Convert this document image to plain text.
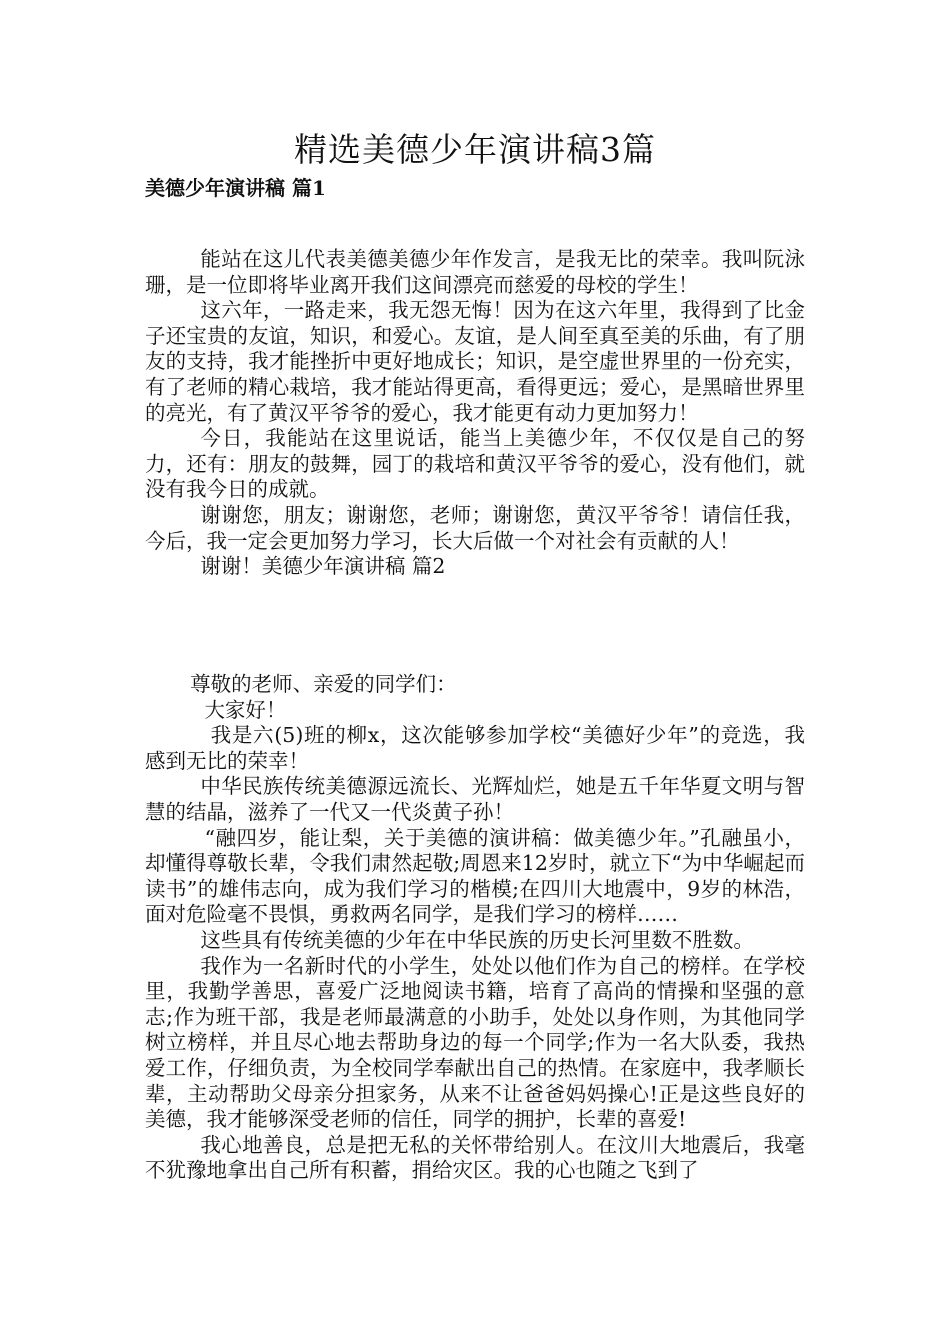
精选美德少年演讲稿3篇
美德少年演讲稿 篇1

能站在这儿代表美德美德少年作发言，是我无比的荣幸。我叫阮泳珊，是一位即将毕业离开我们这间漂亮而慈爱的母校的学生！

这六年，一路走来，我无怨无悔！因为在这六年里，我得到了比金子还宝贵的友谊，知识，和爱心。友谊，是人间至真至美的乐曲，有了朋友的支持，我才能挫折中更好地成长；知识，是空虚世界里的一份充实，有了老师的精心栽培，我才能站得更高，看得更远；爱心，是黑暗世界里的亮光，有了黄汉平爷爷的爱心，我才能更有动力更加努力！

今日，我能站在这里说话，能当上美德少年，不仅仅是自己的努力，还有：朋友的鼓舞，园丁的栽培和黄汉平爷爷的爱心，没有他们，就没有我今日的成就。

谢谢您，朋友；谢谢您，老师；谢谢您，黄汉平爷爷！请信任我，今后，我一定会更加努力学习，长大后做一个对社会有贡献的人！

谢谢！美德少年演讲稿 篇2

尊敬的老师、亲爱的同学们：

大家好！

我是六(5)班的柳x，这次能够参加学校“美德好少年”的竞选，我感到无比的荣幸！

中华民族传统美德源远流长、光辉灿烂，她是五千年华夏文明与智慧的结晶，滋养了一代又一代炎黄子孙！

“融四岁，能让梨，关于美德的演讲稿：做美德少年。”孔融虽小，却懂得尊敬长辈，令我们肃然起敬;周恩来12岁时，就立下“为中华崛起而读书”的雄伟志向，成为我们学习的楷模;在四川大地震中，9岁的林浩，面对危险毫不畏惧，勇救两名同学，是我们学习的榜样……

这些具有传统美德的少年在中华民族的历史长河里数不胜数。

我作为一名新时代的小学生，处处以他们作为自己的榜样。在学校里，我勤学善思，喜爱广泛地阅读书籍，培育了高尚的情操和坚强的意志;作为班干部，我是老师最满意的小助手，处处以身作则，为其他同学树立榜样，并且尽心地去帮助身边的每一个同学;作为一名大队委，我热爱工作，仔细负责，为全校同学奉献出自己的热情。在家庭中，我孝顺长辈，主动帮助父母亲分担家务，从来不让爸爸妈妈操心!正是这些良好的美德，我才能够深受老师的信任，同学的拥护，长辈的喜爱!

我心地善良，总是把无私的关怀带给别人。在汶川大地震后，我毫不犹豫地拿出自己所有积蓄，捐给灾区。我的心也随之飞到了
